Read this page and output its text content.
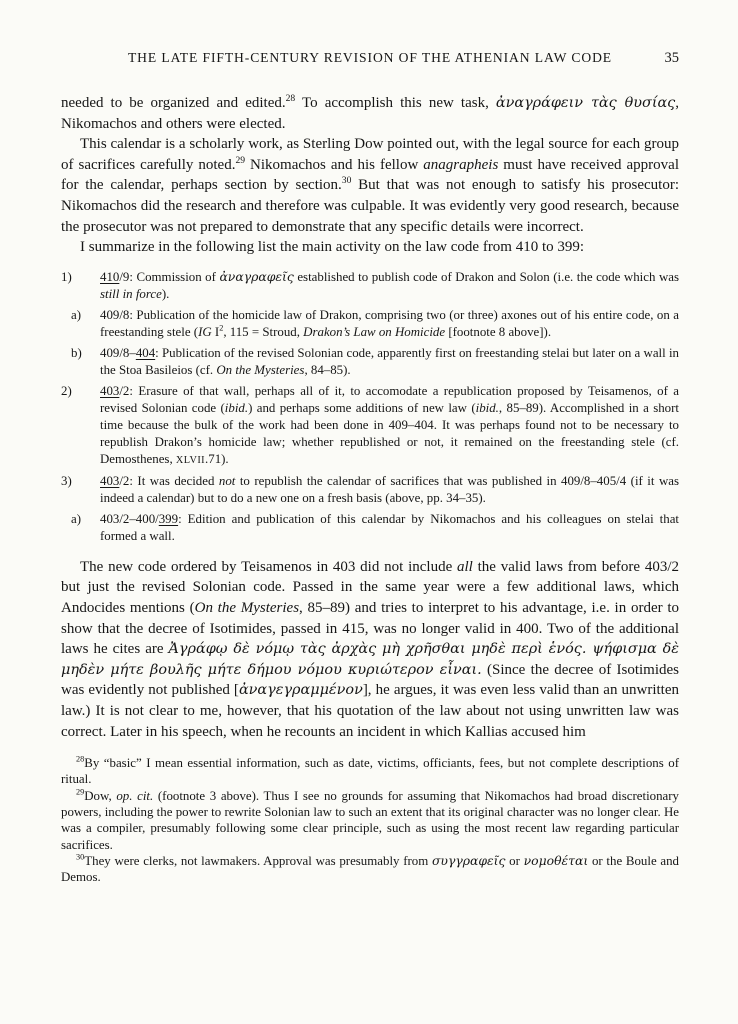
THE LATE FIFTH-CENTURY REVISION OF THE ATHENIAN LAW CODE	35

needed to be organized and edited.$^{28}$ To accomplish this new task, ἀναγράφειν τὰς θυσίας, Nikomachos and others were elected.

This calendar is a scholarly work, as Sterling Dow pointed out, with the legal source for each group of sacrifices carefully noted.$^{29}$ Nikomachos and his fellow anagrapheis must have received approval for the calendar, perhaps section by section.$^{30}$ But that was not enough to satisfy his prosecutor: Nikomachos did the research and therefore was culpable. It was evidently very good research, because the prosecutor was not prepared to demonstrate that any specific details were incorrect.

I summarize in the following list the main activity on the law code from 410 to 399:

1)	410/9: Commission of ἀναγραφεῖς established to publish code of Drakon and Solon (i.e. the code which was still in force).
a)	409/8: Publication of the homicide law of Drakon, comprising two (or three) axones out of his entire code, on a freestanding stele (IG $I^2$, 115 = Stroud, Drakon’s Law on Homicide [footnote 8 above]).
b)	409/8–404: Publication of the revised Solonian code, apparently first on freestanding stelai but later on a wall in the Stoa Basileios (cf. On the Mysteries, 84–85).
2)	403/2: Erasure of that wall, perhaps all of it, to accomodate a republication proposed by Teisamenos, of a revised Solonian code (ibid.) and perhaps some additions of new law (ibid., 85–89). Accomplished in a short time because the bulk of the work had been done in 409–404. It was perhaps found not to be necessary to republish Drakon’s homicide law; whether republished or not, it remained on the freestanding stele (cf. Demosthenes, XLVII.71).
3)	403/2: It was decided not to republish the calendar of sacrifices that was published in 409/8–405/4 (if it was indeed a calendar) but to do a new one on a fresh basis (above, pp. 34–35).
a)	403/2–400/399: Edition and publication of this calendar by Nikomachos and his colleagues on stelai that formed a wall.

The new code ordered by Teisamenos in 403 did not include all the valid laws from before 403/2 but just the revised Solonian code. Passed in the same year were a few additional laws, which Andocides mentions (On the Mysteries, 85–89) and tries to interpret to his advantage, i.e. in order to show that the decree of Isotimides, passed in 415, was no longer valid in 400. Two of the additional laws he cites are Ἀγράφῳ δὲ νόμῳ τὰς ἀρχὰς μὴ χρῆσθαι μηδὲ περὶ ἑνός. ψήφισμα δὲ μηδὲν μήτε βουλῆς μήτε δήμου νόμου κυριώτερον εἶναι. (Since the decree of Isotimides was evidently not published [ἀναγεγραμμένον], he argues, it was even less valid than an unwritten law.) It is not clear to me, however, that his quotation of the law about not using unwritten law was correct. Later in his speech, when he recounts an incident in which Kallias accused him

$^{28}$By “basic” I mean essential information, such as date, victims, officiants, fees, but not complete descriptions of ritual.

$^{29}$Dow, op. cit. (footnote 3 above). Thus I see no grounds for assuming that Nikomachos had broad discretionary powers, including the power to rewrite Solonian law to such an extent that its original character was no longer clear. He was a compiler, presumably following some clear principle, such as using the most recent law regarding particular sacrifices.

$^{30}$They were clerks, not lawmakers. Approval was presumably from συγγραφεῖς or νομοθέται or the Boule and Demos.
